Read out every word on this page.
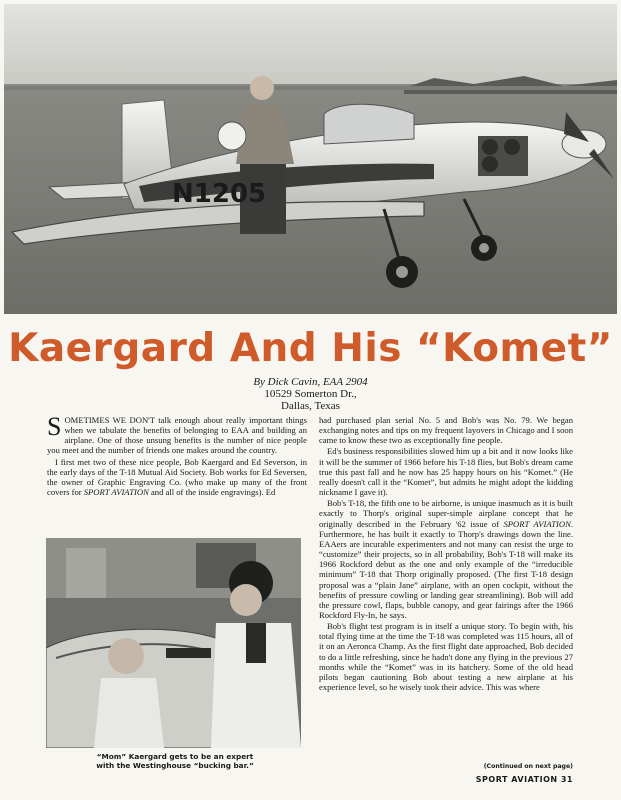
N1205
Kaergard And His “Komet”
By Dick Cavin, EAA 2904
10529 Somerton Dr.,
Dallas, Texas

SOMETIMES WE DON'T talk enough about really important things when we tabulate the benefits of belonging to EAA and building an airplane. One of those unsung benefits is the number of nice people you meet and the number of friends one makes around the country.

I first met two of these nice people, Bob Kaergard and Ed Severson, in the early days of the T-18 Mutual Aid Society. Bob works for Ed Seversen, the owner of Graphic Engraving Co. (who make up many of the front covers for SPORT AVIATION and all of the inside engravings). Ed

“Mom” Kaergard gets to be an expert
with the Westinghouse “bucking bar.”

had purchased plan serial No. 5 and Bob's was No. 79. We began exchanging notes and tips on my frequent layovers in Chicago and I soon came to know these two as exceptionally fine people.

Ed's business responsibilities slowed him up a bit and it now looks like it will be the summer of 1966 before his T-18 flies, but Bob's dream came true this past fall and he now has 25 happy hours on his “Komet.” (He really doesn't call it the “Komet”, but admits he might adopt the kidding nickname I gave it).

Bob's T-18, the fifth one to be airborne, is unique inasmuch as it is built exactly to Thorp's original super-simple airplane concept that he originally described in the February '62 issue of SPORT AVIATION. Furthermore, he has built it exactly to Thorp's drawings down the line. EAAers are incurable experimenters and not many can resist the urge to “customize” their projects, so in all probability, Bob's T-18 will make its 1966 Rockford debut as the one and only example of the “irreducible minimum” T-18 that Thorp originally proposed. (The first T-18 design proposal was a “plain Jane” airplane, with an open cockpit, without the benefits of pressure cowling or landing gear streamlining). Bob will add the pressure cowl, flaps, bubble canopy, and gear fairings after the 1966 Rockford Fly-In, he says.

Bob's flight test program is in itself a unique story. To begin with, his total flying time at the time the T-18 was completed was 115 hours, all of it on an Aeronca Champ. As the first flight date approached, Bob decided to do a little refreshing, since he hadn't done any flying in the previous 27 months while the “Komet” was in its hatchery. Some of the old head pilots began cautioning Bob about testing a new airplane at his experience level, so he wisely took their advice. This was where

(Continued on next page)
SPORT AVIATION 31
